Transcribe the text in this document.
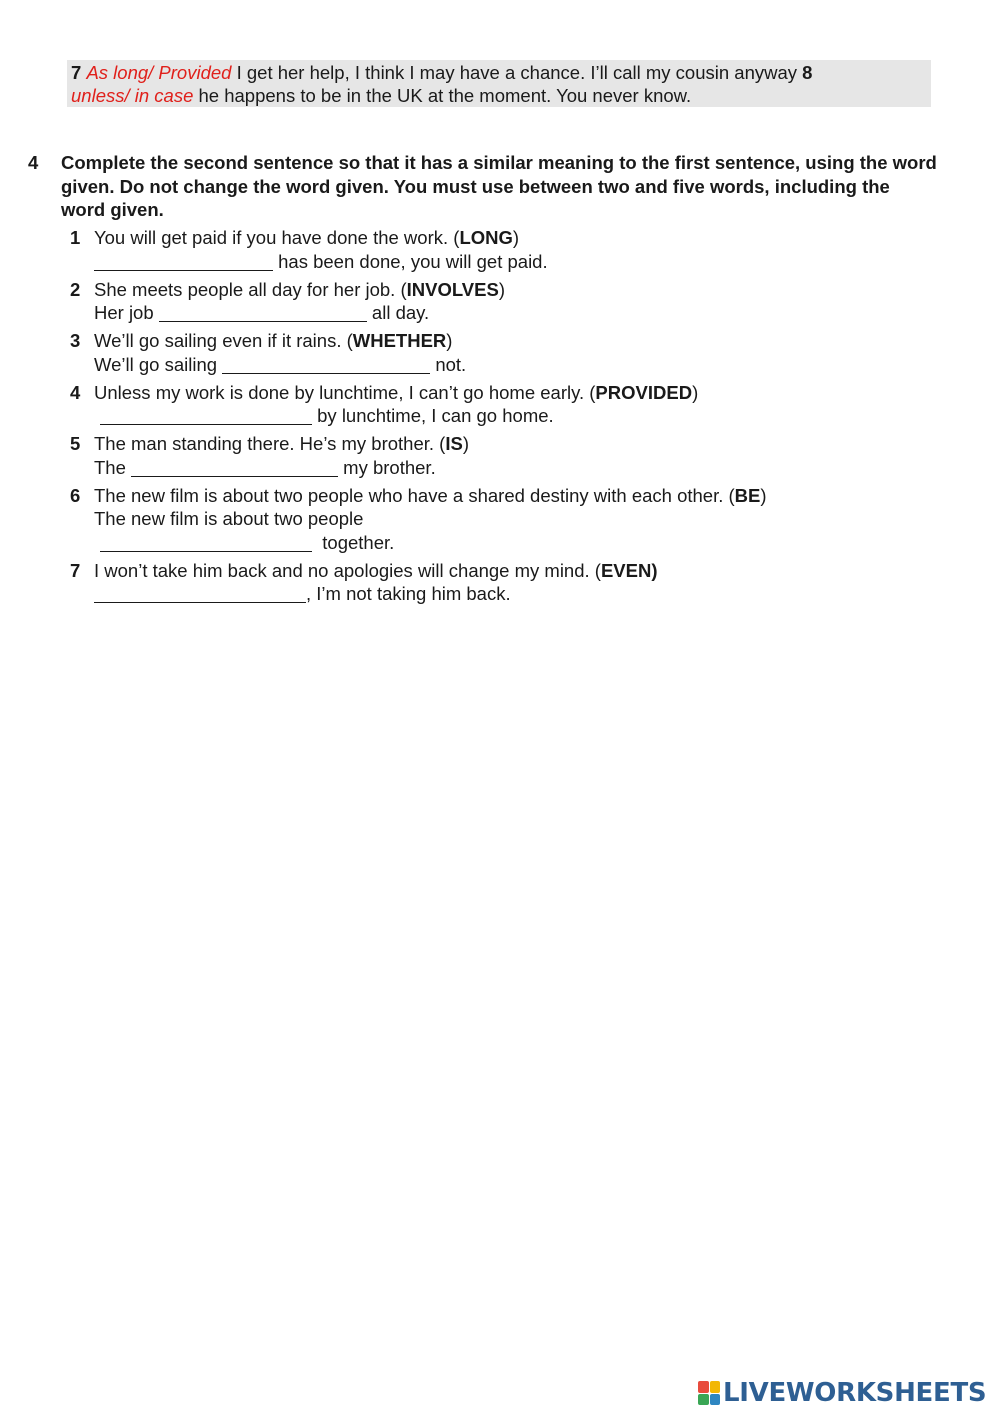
7 As long/ Provided I get her help, I think I may have a chance. I’ll call my cousin anyway 8
unless/ in case he happens to be in the UK at the moment. You never know.
4 Complete the second sentence so that it has a similar meaning to the first sentence, using the word given. Do not change the word given. You must use between two and five words, including the word given.
1 You will get paid if you have done the work. (LONG)
has been done, you will get paid.
2 She meets people all day for her job. (INVOLVES)
Her job	all day.
3 We’ll go sailing even if it rains. (WHETHER)
We’ll go sailing	not.
4 Unless my work is done by lunchtime, I can’t go home early. (PROVIDED)
by lunchtime, I can go home.
5 The man standing there. He’s my brother. (IS)
The	my brother.
6 The new film is about two people who have a shared destiny with each other. (BE)
The new film is about two people
together.
7 I won’t take him back and no apologies will change my mind. (EVEN)
, I’m not taking him back.
LIVEWORKSHEETS
